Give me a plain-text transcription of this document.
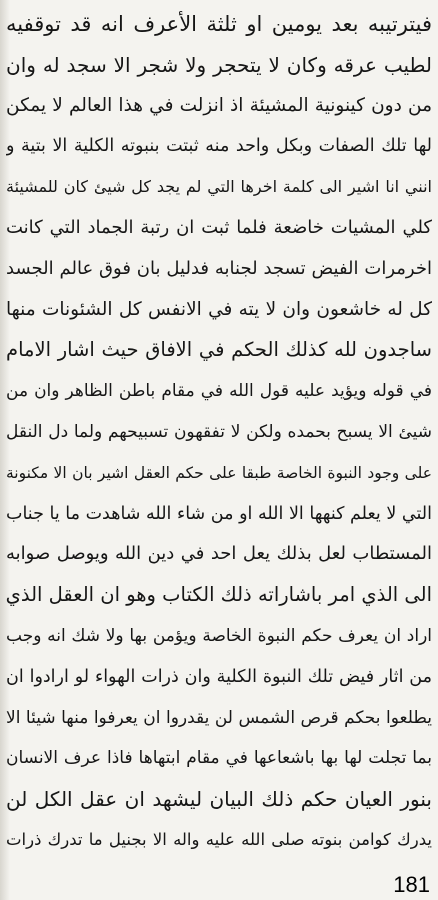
فيترتيبه بعد يومين او ثلثة الأعرف انه قد توقفيه
لطيب عرقه وكان لا يتحجر ولا شجر الا سجد له وان
من دون كينونية المشيئة اذ انزلت في هذا العالم لا يمكن
لها تلك الصفات وبكل واحد منه ثبتت بنبوته الكلية الا بتية و
انني انا اشير الى كلمة اخرها التي لم يجد كل شيئ كان للمشيئة
كلي المشيات خاضعة فلما ثبت ان رتبة الجماد التي كانت
اخرمرات الفيض تسجد لجنابه فدليل بان فوق عالم الجسد
كل له خاشعون وان لا يته في الانفس كل الشئونات منها
ساجدون لله كذلك الحكم في الافاق حيث اشار الامام
في قوله ويؤيد عليه قول الله في مقام باطن الظاهر وان من
شيئ الا يسبح بحمده ولكن لا تفقهون تسبيحهم ولما دل النقل
على وجود النبوة الخاصة طبقا على حكم العقل اشير بان الا مكنونة
التي لا يعلم كنهها الا الله او من شاء الله شاهدت ما يا جناب
المستطاب لعل بذلك يعل احد في دين الله ويوصل صوابه
الى الذي امر باشاراته ذلك الكتاب وهو ان العقل الذي
اراد ان يعرف حكم النبوة الخاصة ويؤمن بها ولا شك انه وجب
من اثار فيض تلك النبوة الكلية وان ذرات الهواء لو ارادوا ان
يطلعوا بحكم قرص الشمس لن يقدروا ان يعرفوا منها شيئا الا
بما تجلت لها بها باشعاعها في مقام ابتهاها فاذا عرف الانسان
بنور العيان حكم ذلك البيان ليشهد ان عقل الكل لن
يدرك كوامن بنوته صلى الله عليه واله الا بجنيل ما تدرك ذرات
181
